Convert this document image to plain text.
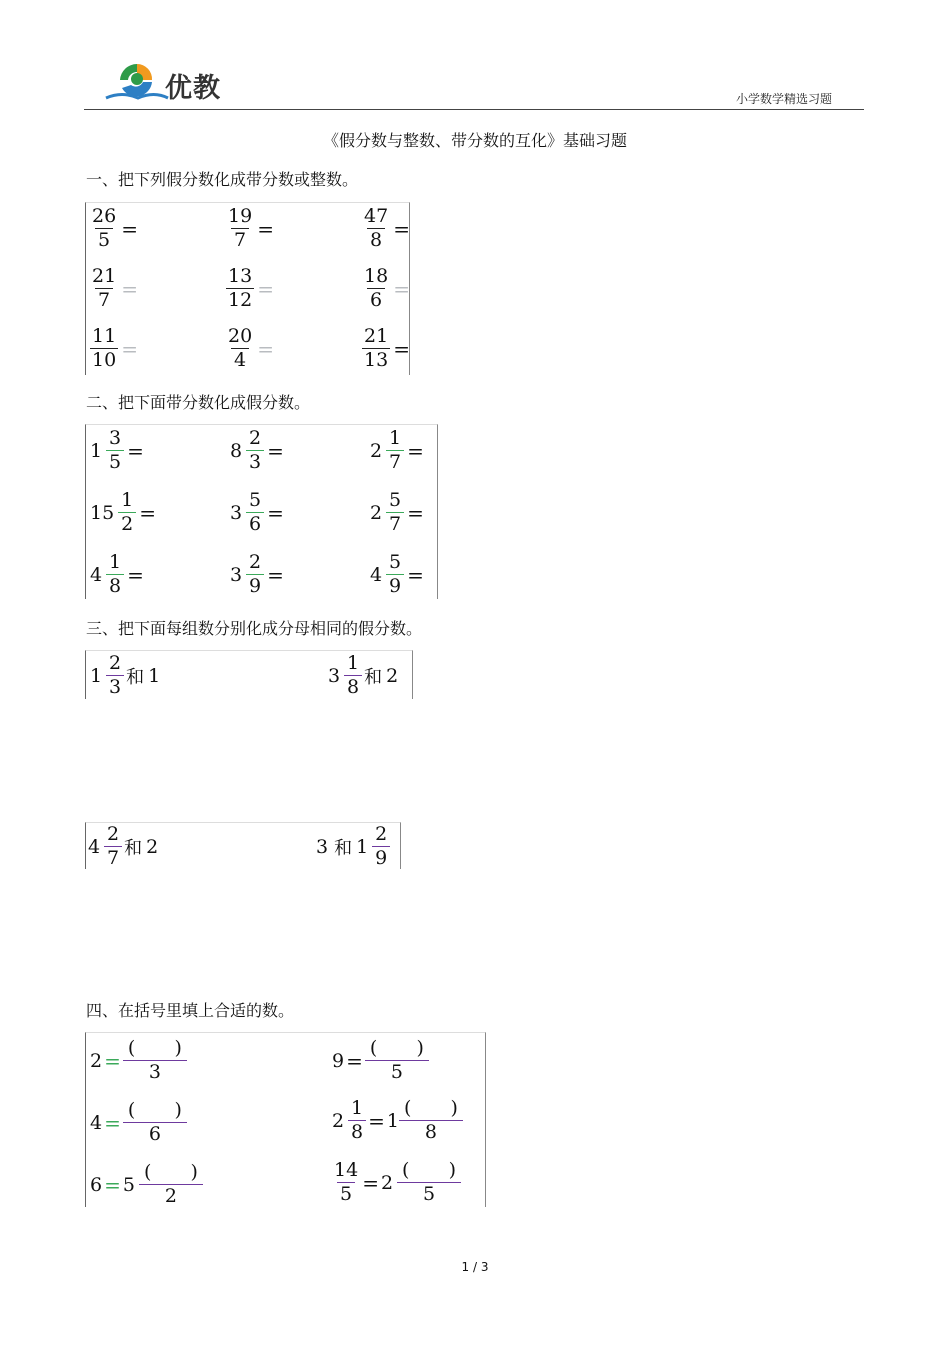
优教	小学数学精选习题
《假分数与整数、带分数的互化》基础习题
一、把下列假分数化成带分数或整数。
$\frac{26}{5}$ =	$\frac{19}{7}$ =	$\frac{47}{8}$ =
$\frac{21}{7}$ =	$\frac{13}{12}$ =	$\frac{18}{6}$ =
$\frac{11}{10}$ =	$\frac{20}{4}$ =	$\frac{21}{13}$ =
二、把下面带分数化成假分数。
$1 \frac{3}{5}$ =	$8 \frac{2}{3}$ =	$2 \frac{1}{7}$ =
$15 \frac{1}{2}$ =	$3 \frac{5}{6}$ =	$2 \frac{5}{7}$ =
$4 \frac{1}{8}$ =	$3 \frac{2}{9}$ =	$4 \frac{5}{9}$ =
三、把下面每组数分别化成分母相同的假分数。
$1 \frac{2}{3}$ 和 1	$3 \frac{1}{8}$ 和 2
$4 \frac{2}{7}$ 和 2	3 和 $1 \frac{2}{9}$
四、在括号里填上合适的数。
$2 = \frac{( )}{3}$	$9 = \frac{( )}{5}$
$4 = \frac{( )}{6}$	$2 \frac{1}{8} = 1 \frac{( )}{8}$
$6 = 5 \frac{( )}{2}$	$\frac{14}{5} = 2 \frac{( )}{5}$
1 / 3
